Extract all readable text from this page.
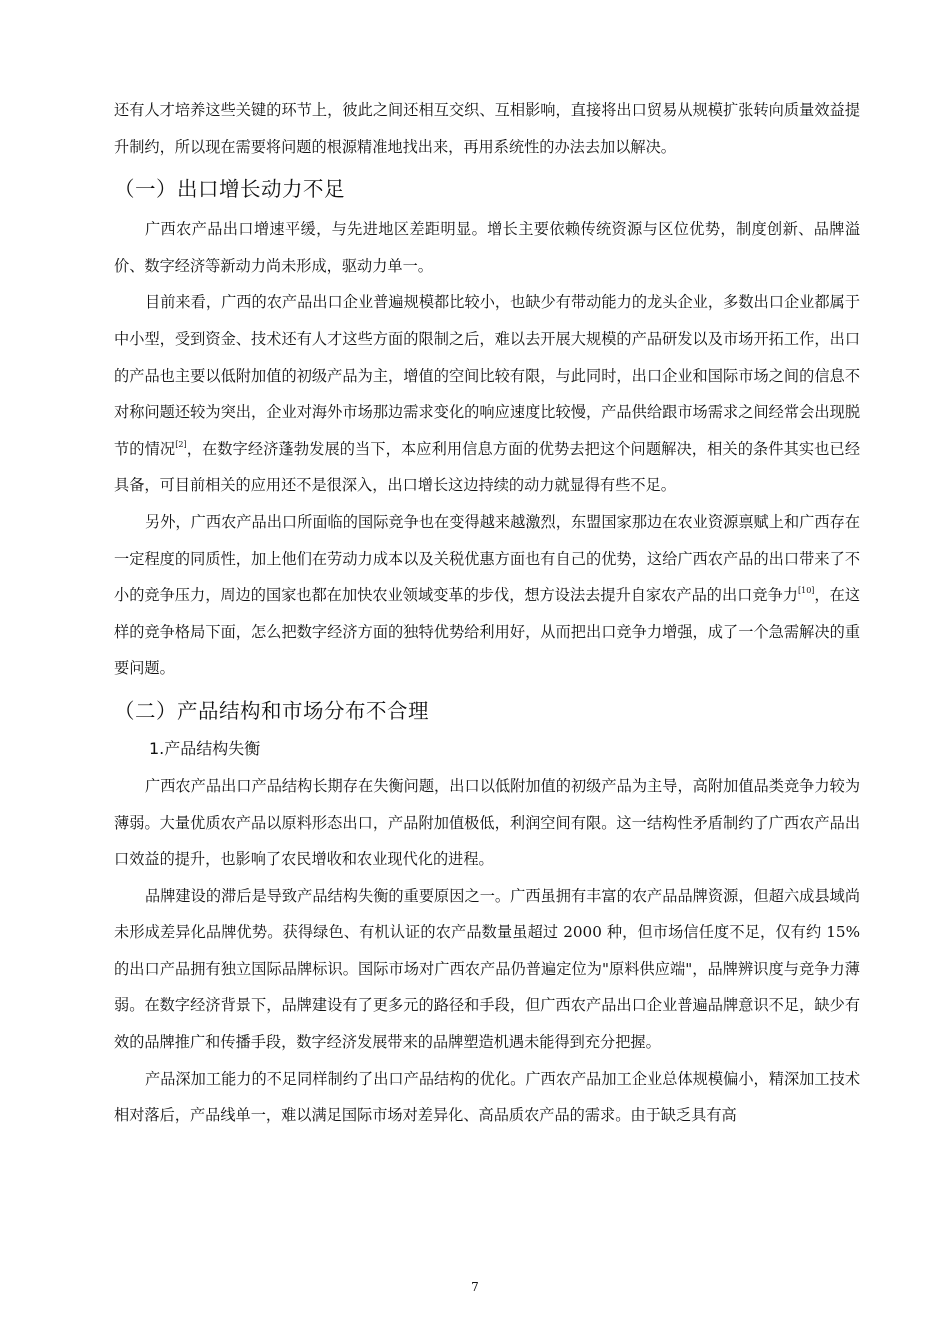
还有人才培养这些关键的环节上，彼此之间还相互交织、互相影响，直接将出口贸易从规模扩张转向质量效益提升制约，所以现在需要将问题的根源精准地找出来，再用系统性的办法去加以解决。

（一）出口增长动力不足

广西农产品出口增速平缓，与先进地区差距明显。增长主要依赖传统资源与区位优势，制度创新、品牌溢价、数字经济等新动力尚未形成，驱动力单一。

目前来看，广西的农产品出口企业普遍规模都比较小，也缺少有带动能力的龙头企业，多数出口企业都属于中小型，受到资金、技术还有人才这些方面的限制之后，难以去开展大规模的产品研发以及市场开拓工作，出口的产品也主要以低附加值的初级产品为主，增值的空间比较有限，与此同时，出口企业和国际市场之间的信息不对称问题还较为突出，企业对海外市场那边需求变化的响应速度比较慢，产品供给跟市场需求之间经常会出现脱节的情况[2]，在数字经济蓬勃发展的当下，本应利用信息方面的优势去把这个问题解决，相关的条件其实也已经具备，可目前相关的应用还不是很深入，出口增长这边持续的动力就显得有些不足。

另外，广西农产品出口所面临的国际竞争也在变得越来越激烈，东盟国家那边在农业资源禀赋上和广西存在一定程度的同质性，加上他们在劳动力成本以及关税优惠方面也有自己的优势，这给广西农产品的出口带来了不小的竞争压力，周边的国家也都在加快农业领域变革的步伐，想方设法去提升自家农产品的出口竞争力[10]，在这样的竞争格局下面，怎么把数字经济方面的独特优势给利用好，从而把出口竞争力增强，成了一个急需解决的重要问题。

（二）产品结构和市场分布不合理
1.产品结构失衡

广西农产品出口产品结构长期存在失衡问题，出口以低附加值的初级产品为主导，高附加值品类竞争力较为薄弱。大量优质农产品以原料形态出口，产品附加值极低，利润空间有限。这一结构性矛盾制约了广西农产品出口效益的提升，也影响了农民增收和农业现代化的进程。

品牌建设的滞后是导致产品结构失衡的重要原因之一。广西虽拥有丰富的农产品品牌资源，但超六成县域尚未形成差异化品牌优势。获得绿色、有机认证的农产品数量虽超过 2000 种，但市场信任度不足，仅有约 15%的出口产品拥有独立国际品牌标识。国际市场对广西农产品仍普遍定位为"原料供应端"，品牌辨识度与竞争力薄弱。在数字经济背景下，品牌建设有了更多元的路径和手段，但广西农产品出口企业普遍品牌意识不足，缺少有效的品牌推广和传播手段，数字经济发展带来的品牌塑造机遇未能得到充分把握。

产品深加工能力的不足同样制约了出口产品结构的优化。广西农产品加工企业总体规模偏小，精深加工技术相对落后，产品线单一，难以满足国际市场对差异化、高品质农产品的需求。由于缺乏具有高

7
